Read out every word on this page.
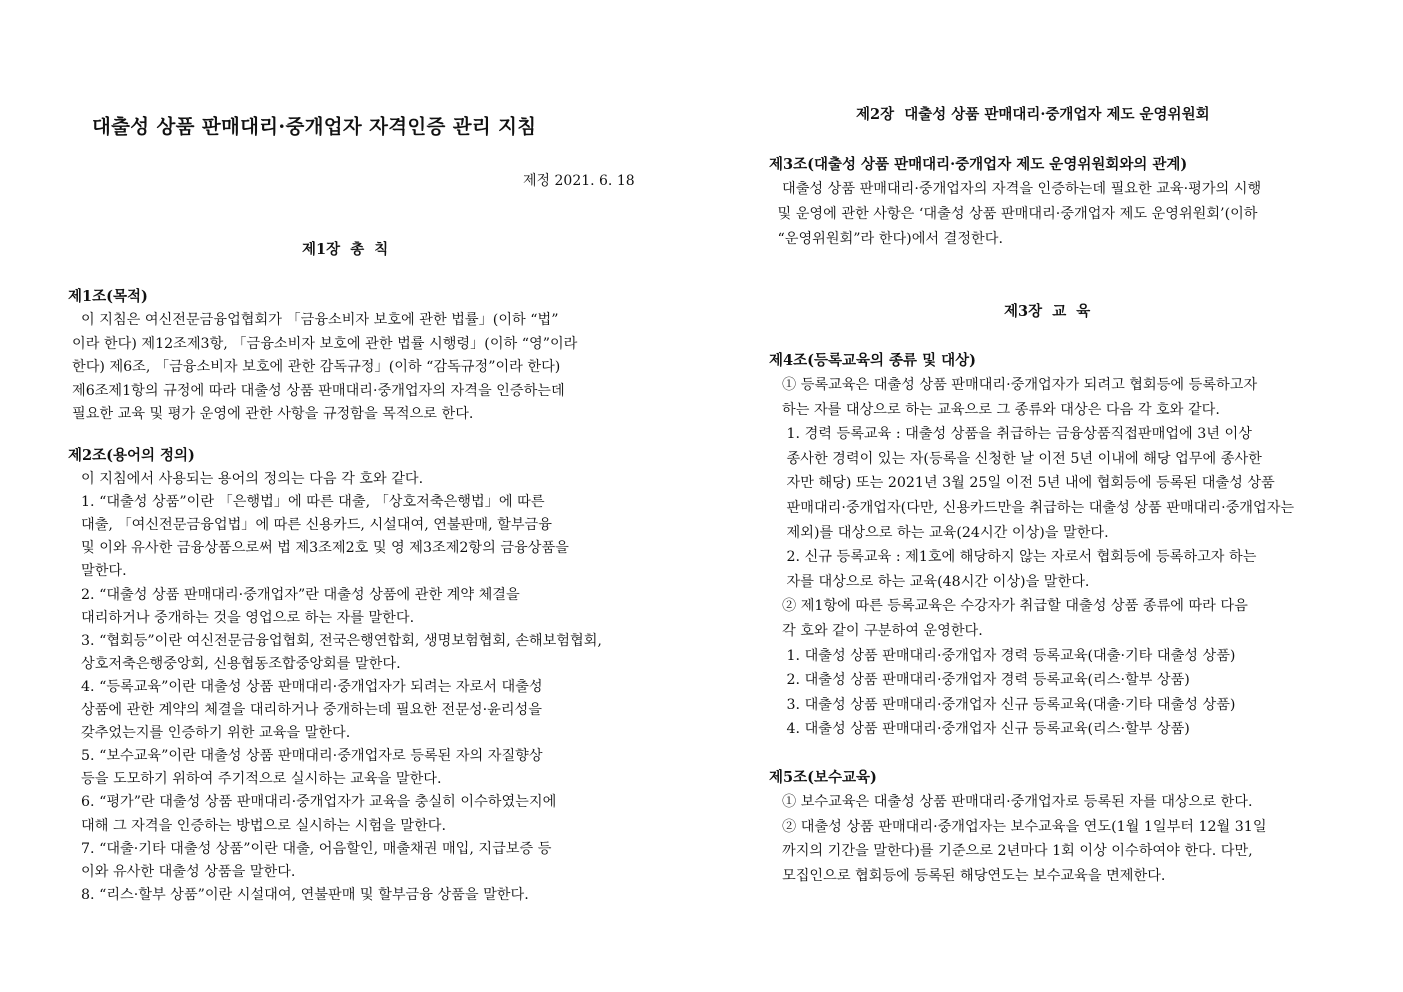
대출성 상품 판매대리·중개업자 자격인증 관리 지침
제정 2021. 6. 18
제1장  총  칙
제1조(목적)
이 지침은 여신전문금융업협회가 「금융소비자 보호에 관한 법률」(이하 “법”
이라 한다) 제12조제3항, 「금융소비자 보호에 관한 법률 시행령」(이하 “영”이라
한다) 제6조, 「금융소비자 보호에 관한 감독규정」(이하 “감독규정”이라 한다)
제6조제1항의 규정에 따라 대출성 상품 판매대리·중개업자의 자격을 인증하는데
필요한 교육 및 평가 운영에 관한 사항을 규정함을 목적으로 한다.
제2조(용어의 정의)
이 지침에서 사용되는 용어의 정의는 다음 각 호와 같다.
1. “대출성 상품”이란 「은행법」에 따른 대출, 「상호저축은행법」에 따른
대출, 「여신전문금융업법」에 따른 신용카드, 시설대여, 연불판매, 할부금융
및 이와 유사한 금융상품으로써 법 제3조제2호 및 영 제3조제2항의 금융상품을
말한다.
2. “대출성 상품 판매대리·중개업자”란 대출성 상품에 관한 계약 체결을
대리하거나 중개하는 것을 영업으로 하는 자를 말한다.
3. “협회등”이란 여신전문금융업협회, 전국은행연합회, 생명보험협회, 손해보험협회,
상호저축은행중앙회, 신용협동조합중앙회를 말한다.
4. “등록교육”이란 대출성 상품 판매대리·중개업자가 되려는 자로서 대출성
상품에 관한 계약의 체결을 대리하거나 중개하는데 필요한 전문성·윤리성을
갖추었는지를 인증하기 위한 교육을 말한다.
5. “보수교육”이란 대출성 상품 판매대리·중개업자로 등록된 자의 자질향상
등을 도모하기 위하여 주기적으로 실시하는 교육을 말한다.
6. “평가”란 대출성 상품 판매대리·중개업자가 교육을 충실히 이수하였는지에
대해 그 자격을 인증하는 방법으로 실시하는 시험을 말한다.
7. “대출·기타 대출성 상품”이란 대출, 어음할인, 매출채권 매입, 지급보증 등
이와 유사한 대출성 상품을 말한다.
8. “리스·할부 상품”이란 시설대여, 연불판매 및 할부금융 상품을 말한다.
제2장  대출성 상품 판매대리·중개업자 제도 운영위원회
제3조(대출성 상품 판매대리·중개업자 제도 운영위원회와의 관계)
대출성 상품 판매대리·중개업자의 자격을 인증하는데 필요한 교육·평가의 시행
및 운영에 관한 사항은 ‘대출성 상품 판매대리·중개업자 제도 운영위원회’(이하
“운영위원회”라 한다)에서 결정한다.
제3장  교  육
제4조(등록교육의 종류 및 대상)
① 등록교육은 대출성 상품 판매대리·중개업자가 되려고 협회등에 등록하고자
하는 자를 대상으로 하는 교육으로 그 종류와 대상은 다음 각 호와 같다.
1. 경력 등록교육 : 대출성 상품을 취급하는 금융상품직접판매업에 3년 이상
종사한 경력이 있는 자(등록을 신청한 날 이전 5년 이내에 해당 업무에 종사한
자만 해당) 또는 2021년 3월 25일 이전 5년 내에 협회등에 등록된 대출성 상품
판매대리·중개업자(다만, 신용카드만을 취급하는 대출성 상품 판매대리·중개업자는
제외)를 대상으로 하는 교육(24시간 이상)을 말한다.
2. 신규 등록교육 : 제1호에 해당하지 않는 자로서 협회등에 등록하고자 하는
자를 대상으로 하는 교육(48시간 이상)을 말한다.
② 제1항에 따른 등록교육은 수강자가 취급할 대출성 상품 종류에 따라 다음
각 호와 같이 구분하여 운영한다.
1. 대출성 상품 판매대리·중개업자 경력 등록교육(대출·기타 대출성 상품)
2. 대출성 상품 판매대리·중개업자 경력 등록교육(리스·할부 상품)
3. 대출성 상품 판매대리·중개업자 신규 등록교육(대출·기타 대출성 상품)
4. 대출성 상품 판매대리·중개업자 신규 등록교육(리스·할부 상품)
제5조(보수교육)
① 보수교육은 대출성 상품 판매대리·중개업자로 등록된 자를 대상으로 한다.
② 대출성 상품 판매대리·중개업자는 보수교육을 연도(1월 1일부터 12월 31일
까지의 기간을 말한다)를 기준으로 2년마다 1회 이상 이수하여야 한다. 다만,
모집인으로 협회등에 등록된 해당연도는 보수교육을 면제한다.
